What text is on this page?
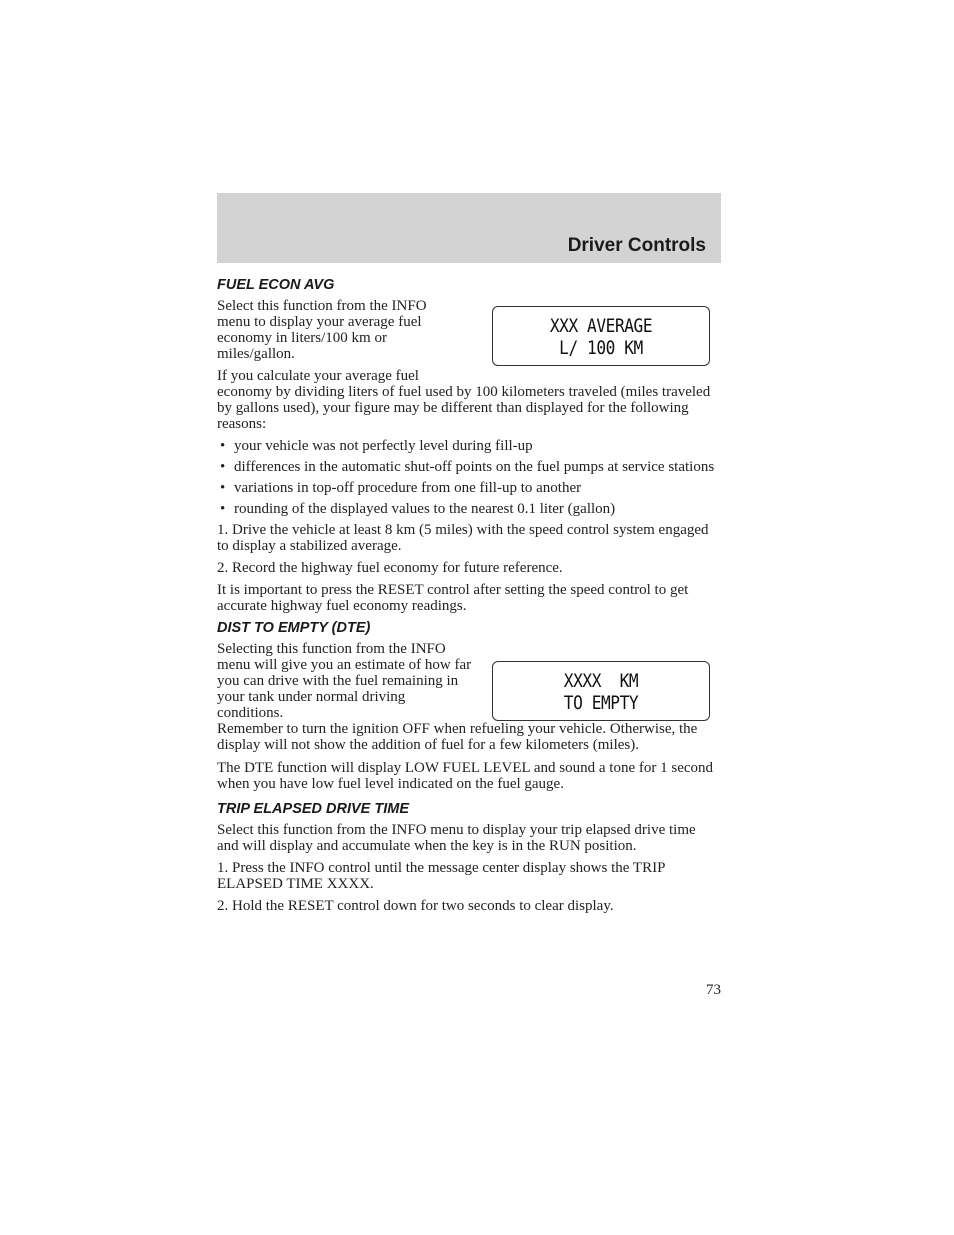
Driver Controls
XXX AVERAGE
L/ 100 KM
XXXX  KM
TO EMPTY
FUEL ECON AVG

Select this function from the INFO menu to display your average fuel economy in liters/100 km or miles/gallon.

If you calculate your average fuel
economy by dividing liters of fuel used by 100 kilometers traveled (miles traveled by gallons used), your figure may be different than displayed for the following reasons:

• your vehicle was not perfectly level during fill-up
• differences in the automatic shut-off points on the fuel pumps at service stations
• variations in top-off procedure from one fill-up to another
• rounding of the displayed values to the nearest 0.1 liter (gallon)

1. Drive the vehicle at least 8 km (5 miles) with the speed control system engaged to display a stabilized average.

2. Record the highway fuel economy for future reference.

It is important to press the RESET control after setting the speed control to get accurate highway fuel economy readings.

DIST TO EMPTY (DTE)

Selecting this function from the INFO menu will give you an estimate of how far you can drive with the fuel remaining in your tank under normal driving conditions.

Remember to turn the ignition OFF when refueling your vehicle. Otherwise, the display will not show the addition of fuel for a few kilometers (miles).

The DTE function will display LOW FUEL LEVEL and sound a tone for 1 second when you have low fuel level indicated on the fuel gauge.

TRIP ELAPSED DRIVE TIME

Select this function from the INFO menu to display your trip elapsed drive time and will display and accumulate when the key is in the RUN position.

1. Press the INFO control until the message center display shows the TRIP ELAPSED TIME XXXX.

2. Hold the RESET control down for two seconds to clear display.

73
